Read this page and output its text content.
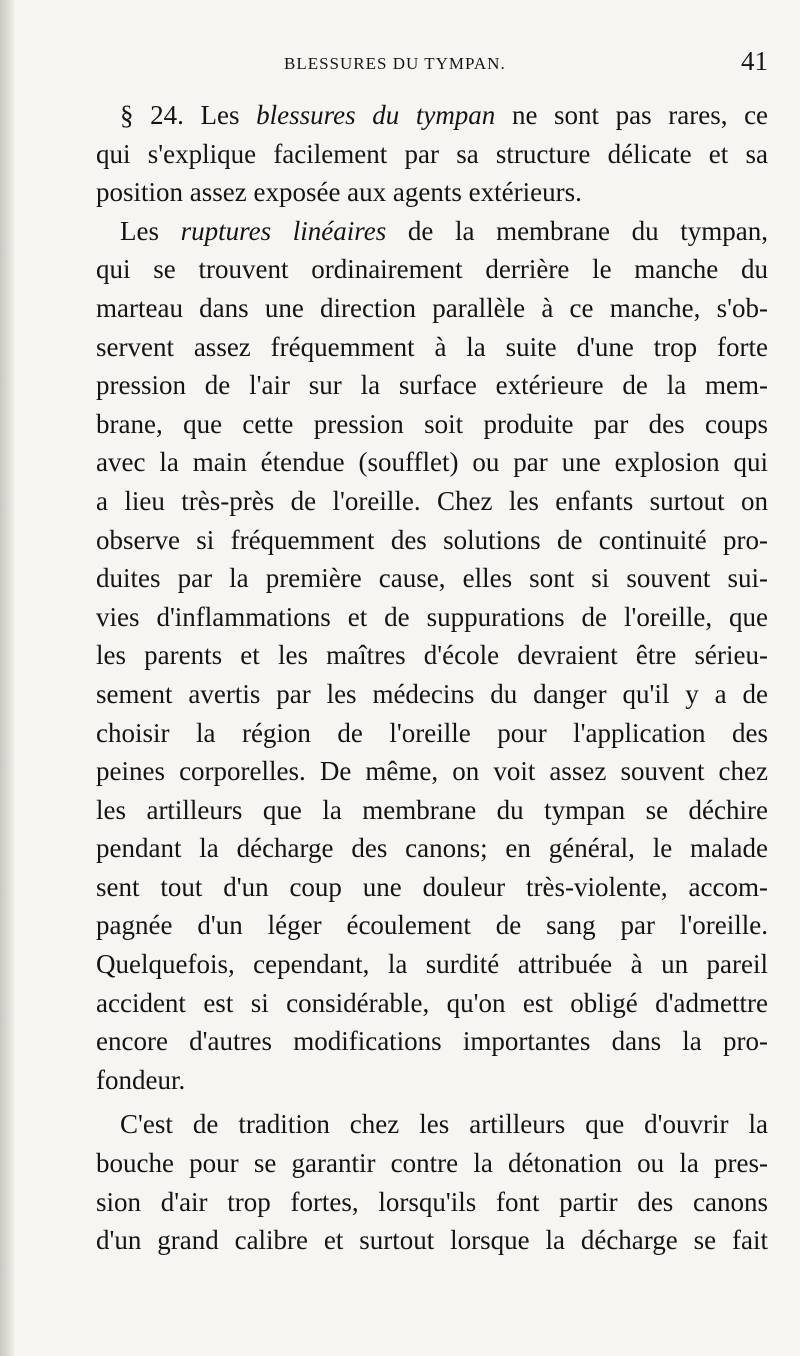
BLESSURES DU TYMPAN.	41
§ 24. Les blessures du tympan ne sont pas rares, ce
qui s'explique facilement par sa structure délicate et sa
position assez exposée aux agents extérieurs.
Les ruptures linéaires de la membrane du tympan,
qui se trouvent ordinairement derrière le manche du
marteau dans une direction parallèle à ce manche, s'ob-
servent assez fréquemment à la suite d'une trop forte
pression de l'air sur la surface extérieure de la mem-
brane, que cette pression soit produite par des coups
avec la main étendue (soufflet) ou par une explosion qui
a lieu très-près de l'oreille. Chez les enfants surtout on
observe si fréquemment des solutions de continuité pro-
duites par la première cause, elles sont si souvent sui-
vies d'inflammations et de suppurations de l'oreille, que
les parents et les maîtres d'école devraient être sérieu-
sement avertis par les médecins du danger qu'il y a de
choisir la région de l'oreille pour l'application des
peines corporelles. De même, on voit assez souvent chez
les artilleurs que la membrane du tympan se déchire
pendant la décharge des canons; en général, le malade
sent tout d'un coup une douleur très-violente, accom-
pagnée d'un léger écoulement de sang par l'oreille.
Quelquefois, cependant, la surdité attribuée à un pareil
accident est si considérable, qu'on est obligé d'admettre
encore d'autres modifications importantes dans la pro-
fondeur.
C'est de tradition chez les artilleurs que d'ouvrir la
bouche pour se garantir contre la détonation ou la pres-
sion d'air trop fortes, lorsqu'ils font partir des canons
d'un grand calibre et surtout lorsque la décharge se fait
